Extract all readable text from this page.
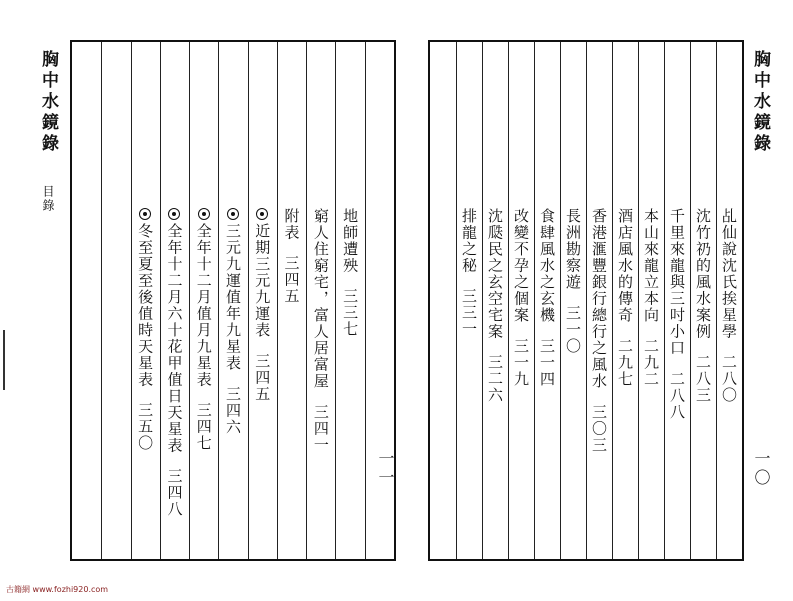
胸中水鏡錄
目錄
地師遭殃三三七
窮人住窮宅，富人居富屋三四一
附表三四五
近期三元九運表三四五
三元九運值年九星表三四六
全年十二月值月九星表三四七
全年十二月六十花甲值日天星表三四八
冬至夏至後值時天星表三五〇
一一
古籍網 www.fozhi920.com
乩仙說沈氏挨星學二八〇
沈竹礽的風水案例二八三
千里來龍與三吋小口二八八
本山來龍立本向二九二
酒店風水的傳奇二九七
香港滙豐銀行總行之風水三〇三
長洲勘察遊三一〇
食肆風水之玄機三一四
改變不孕之個案三一九
沈瓞民之玄空宅案三二六
排龍之秘三三一
胸中水鏡錄
一〇
